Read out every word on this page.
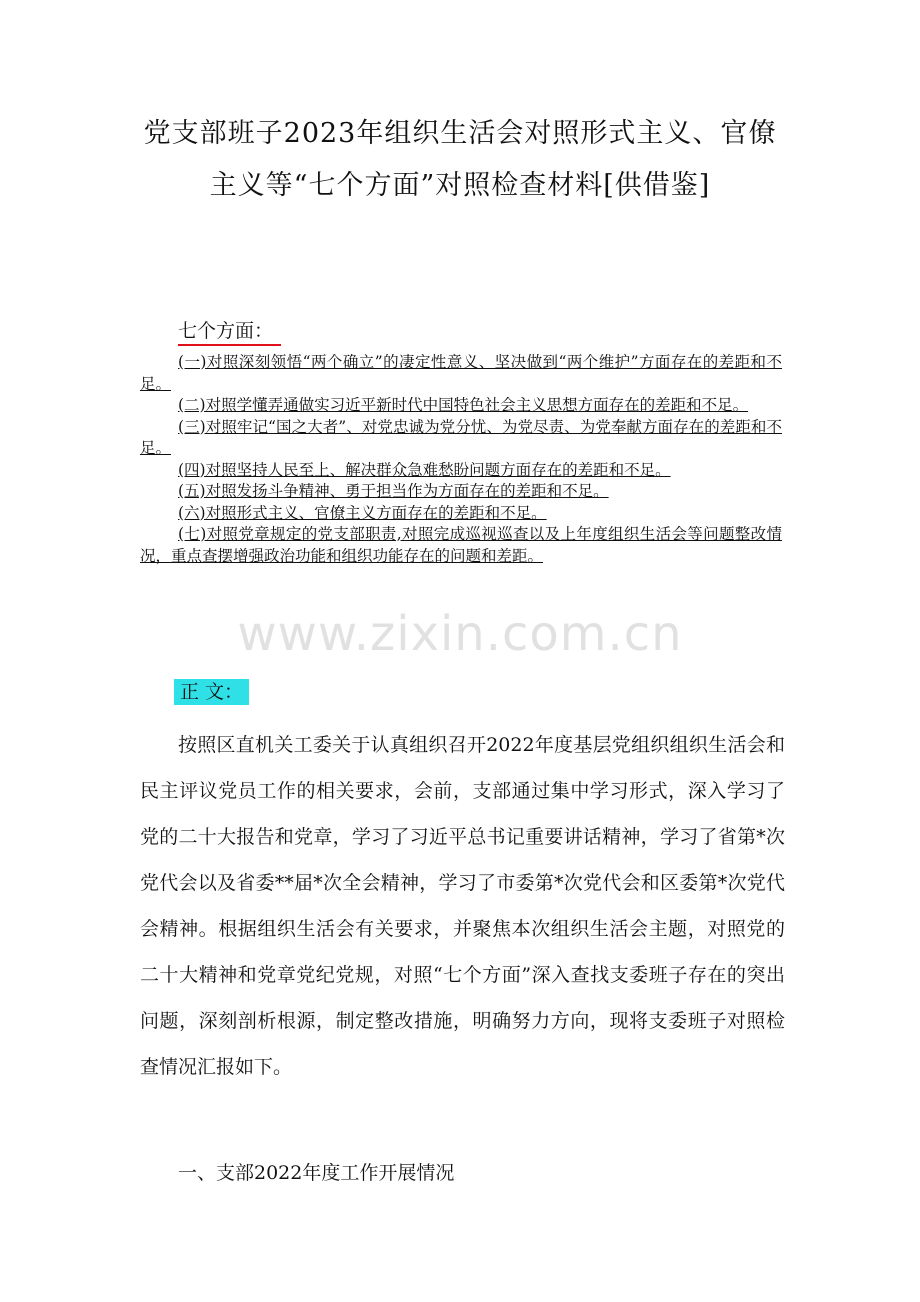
党支部班子2023年组织生活会对照形式主义、官僚
主义等“七个方面”对照检查材料[供借鉴]
七个方面：
(一)对照深刻领悟“两个确立”的凄定性意义、坚决做到“两个维护”方面存在的差距和不足。
(二)对照学懂弄通做实习近平新时代中国特色社会主义思想方面存在的差距和不足。
(三)对照牢记“国之大者”、对党忠诚为党分忧、为党尽责、为党奉献方面存在的差距和不足。
(四)对照坚持人民至上、解决群众急难愁盼问题方面存在的差距和不足。
(五)对照发扬斗争精神、勇于担当作为方面存在的差距和不足。
(六)对照形式主义、官僚主义方面存在的差距和不足。
(七)对照党章规定的党支部职责,对照完成巡视巡查以及上年度组织生活会等问题整改情况，重点查摆增强政治功能和组织功能存在的问题和差距。
www.zixin.com.cn
正 文：

按照区直机关工委关于认真组织召开2022年度基层党组织组织生活会和民主评议党员工作的相关要求，会前，支部通过集中学习形式，深入学习了党的二十大报告和党章，学习了习近平总书记重要讲话精神，学习了省第*次党代会以及省委**届*次全会精神，学习了市委第*次党代会和区委第*次党代会精神。根据组织生活会有关要求，并聚焦本次组织生活会主题，对照党的二十大精神和党章党纪党规，对照“七个方面”深入查找支委班子存在的突出问题，深刻剖析根源，制定整改措施，明确努力方向，现将支委班子对照检查情况汇报如下。

一、支部2022年度工作开展情况
